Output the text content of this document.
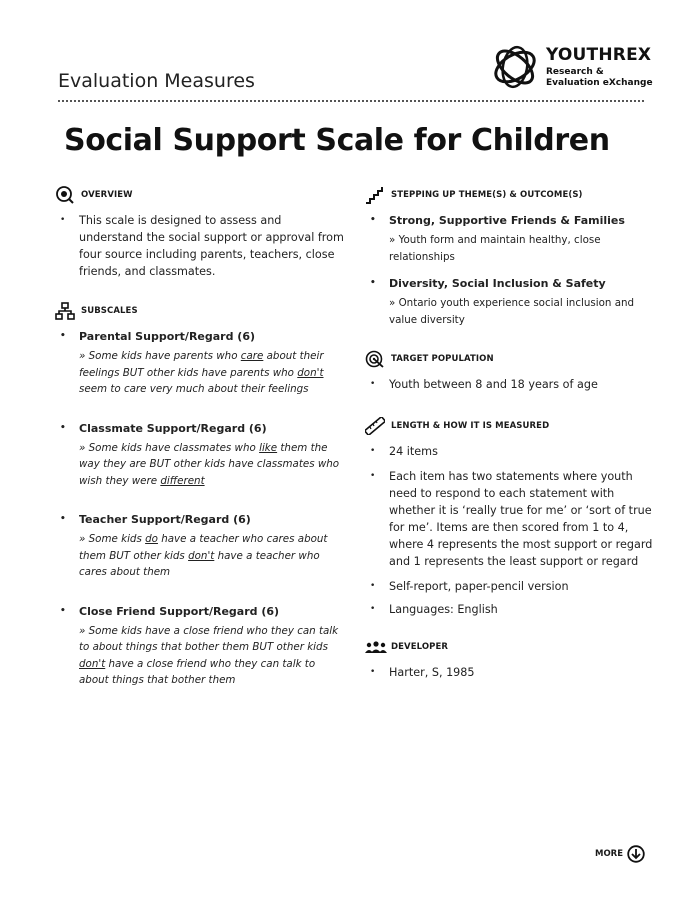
Evaluation Measures
YOUTHREX
Research &
Evaluation eXchange
Social Support Scale for Children
OVERVIEW
• This scale is designed to assess and understand the social support or approval from four source including parents, teachers, close friends, and classmates.
SUBSCALES
• Parental Support/Regard (6)
» Some kids have parents who care about their feelings BUT other kids have parents who don't seem to care very much about their feelings
• Classmate Support/Regard (6)
» Some kids have classmates who like them the way they are BUT other kids have classmates who wish they were different
• Teacher Support/Regard (6)
» Some kids do have a teacher who cares about them BUT other kids don't have a teacher who cares about them
• Close Friend Support/Regard (6)
» Some kids have a close friend who they can talk to about things that bother them BUT other kids don't have a close friend who they can talk to about things that bother them
STEPPING UP THEME(S) & OUTCOME(S)
• Strong, Supportive Friends & Families
» Youth form and maintain healthy, close relationships
• Diversity, Social Inclusion & Safety
» Ontario youth experience social inclusion and value diversity
TARGET POPULATION
• Youth between 8 and 18 years of age
LENGTH & HOW IT IS MEASURED
• 24 items
• Each item has two statements where youth need to respond to each statement with whether it is ‘really true for me’ or ‘sort of true for me’. Items are then scored from 1 to 4, where 4 represents the most support or regard and 1 represents the least support or regard
• Self-report, paper-pencil version
• Languages: English
DEVELOPER
• Harter, S, 1985
MORE
